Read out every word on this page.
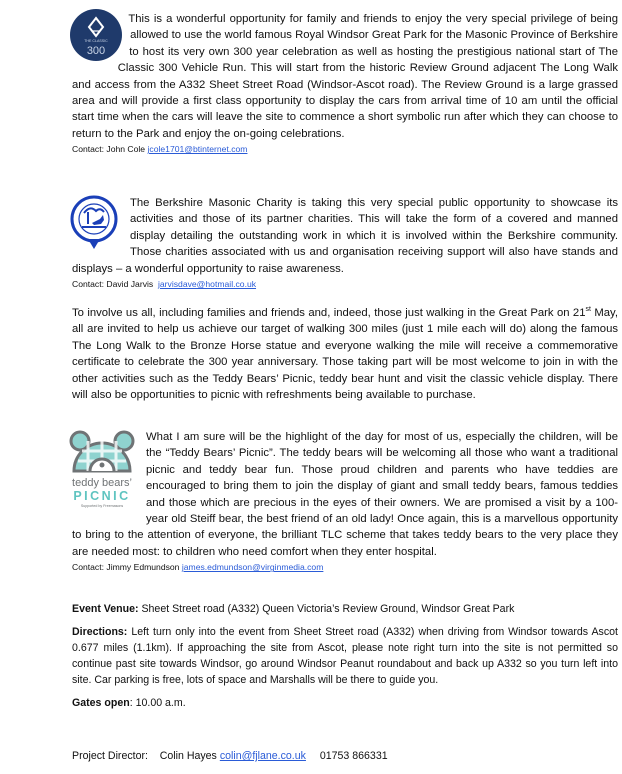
THE CLASSIC
300

This is a wonderful opportunity for family and friends to enjoy the very special privilege of being allowed to use the world famous Royal Windsor Great Park for the Masonic Province of Berkshire to host its very own 300 year celebration as well as hosting the prestigious national start of The Classic 300 Vehicle Run. This will start from the historic Review Ground adjacent The Long Walk and access from the A332 Sheet Street Road (Windsor-Ascot road). The Review Ground is a large grassed area and will provide a first class opportunity to display the cars from arrival time of 10 am until the official start time when the cars will leave the site to commence a short symbolic run after which they can choose to return to the Park and enjoy the on-going celebrations.

Contact: John Cole jcole1701@btinternet.com

The Berkshire Masonic Charity is taking this very special public opportunity to showcase its activities and those of its partner charities. This will take the form of a covered and manned display detailing the outstanding work in which it is involved within the Berkshire community. Those charities associated with us and organisation receiving support will also have stands and displays – a wonderful opportunity to raise awareness.

Contact: David Jarvis jarvisdave@hotmail.co.uk

To involve us all, including families and friends and, indeed, those just walking in the Great Park on 21st May, all are invited to help us achieve our target of walking 300 miles (just 1 mile each will do) along the famous The Long Walk to the Bronze Horse statue and everyone walking the mile will receive a commemorative certificate to celebrate the 300 year anniversary. Those taking part will be most welcome to join in with the other activities such as the Teddy Bears’ Picnic, teddy bear hunt and visit the classic vehicle display. There will also be opportunities to picnic with refreshments being available to purchase.

teddy bears’
PICNIC
Supported by Freemasons

What I am sure will be the highlight of the day for most of us, especially the children, will be the “Teddy Bears’ Picnic”. The teddy bears will be welcoming all those who want a traditional picnic and teddy bear fun. Those proud children and parents who have teddies are encouraged to bring them to join the display of giant and small teddy bears, famous teddies and those which are precious in the eyes of their owners. We are promised a visit by a 100-year old Steiff bear, the best friend of an old lady! Once again, this is a marvellous opportunity to bring to the attention of everyone, the brilliant TLC scheme that takes teddy bears to the very place they are needed most: to children who need comfort when they enter hospital.

Contact: Jimmy Edmundson james.edmundson@virginmedia.com

Event Venue: Sheet Street road (A332) Queen Victoria’s Review Ground, Windsor Great Park

Directions: Left turn only into the event from Sheet Street road (A332) when driving from Windsor towards Ascot 0.677 miles (1.1km). If approaching the site from Ascot, please note right turn into the site is not permitted so continue past site towards Windsor, go around Windsor Peanut roundabout and back up A332 so you turn left into site. Car parking is free, lots of space and Marshalls will be there to guide you.

Gates open: 10.00 a.m.

Project Director: Colin Hayes colin@fjlane.co.uk 01753 866331
